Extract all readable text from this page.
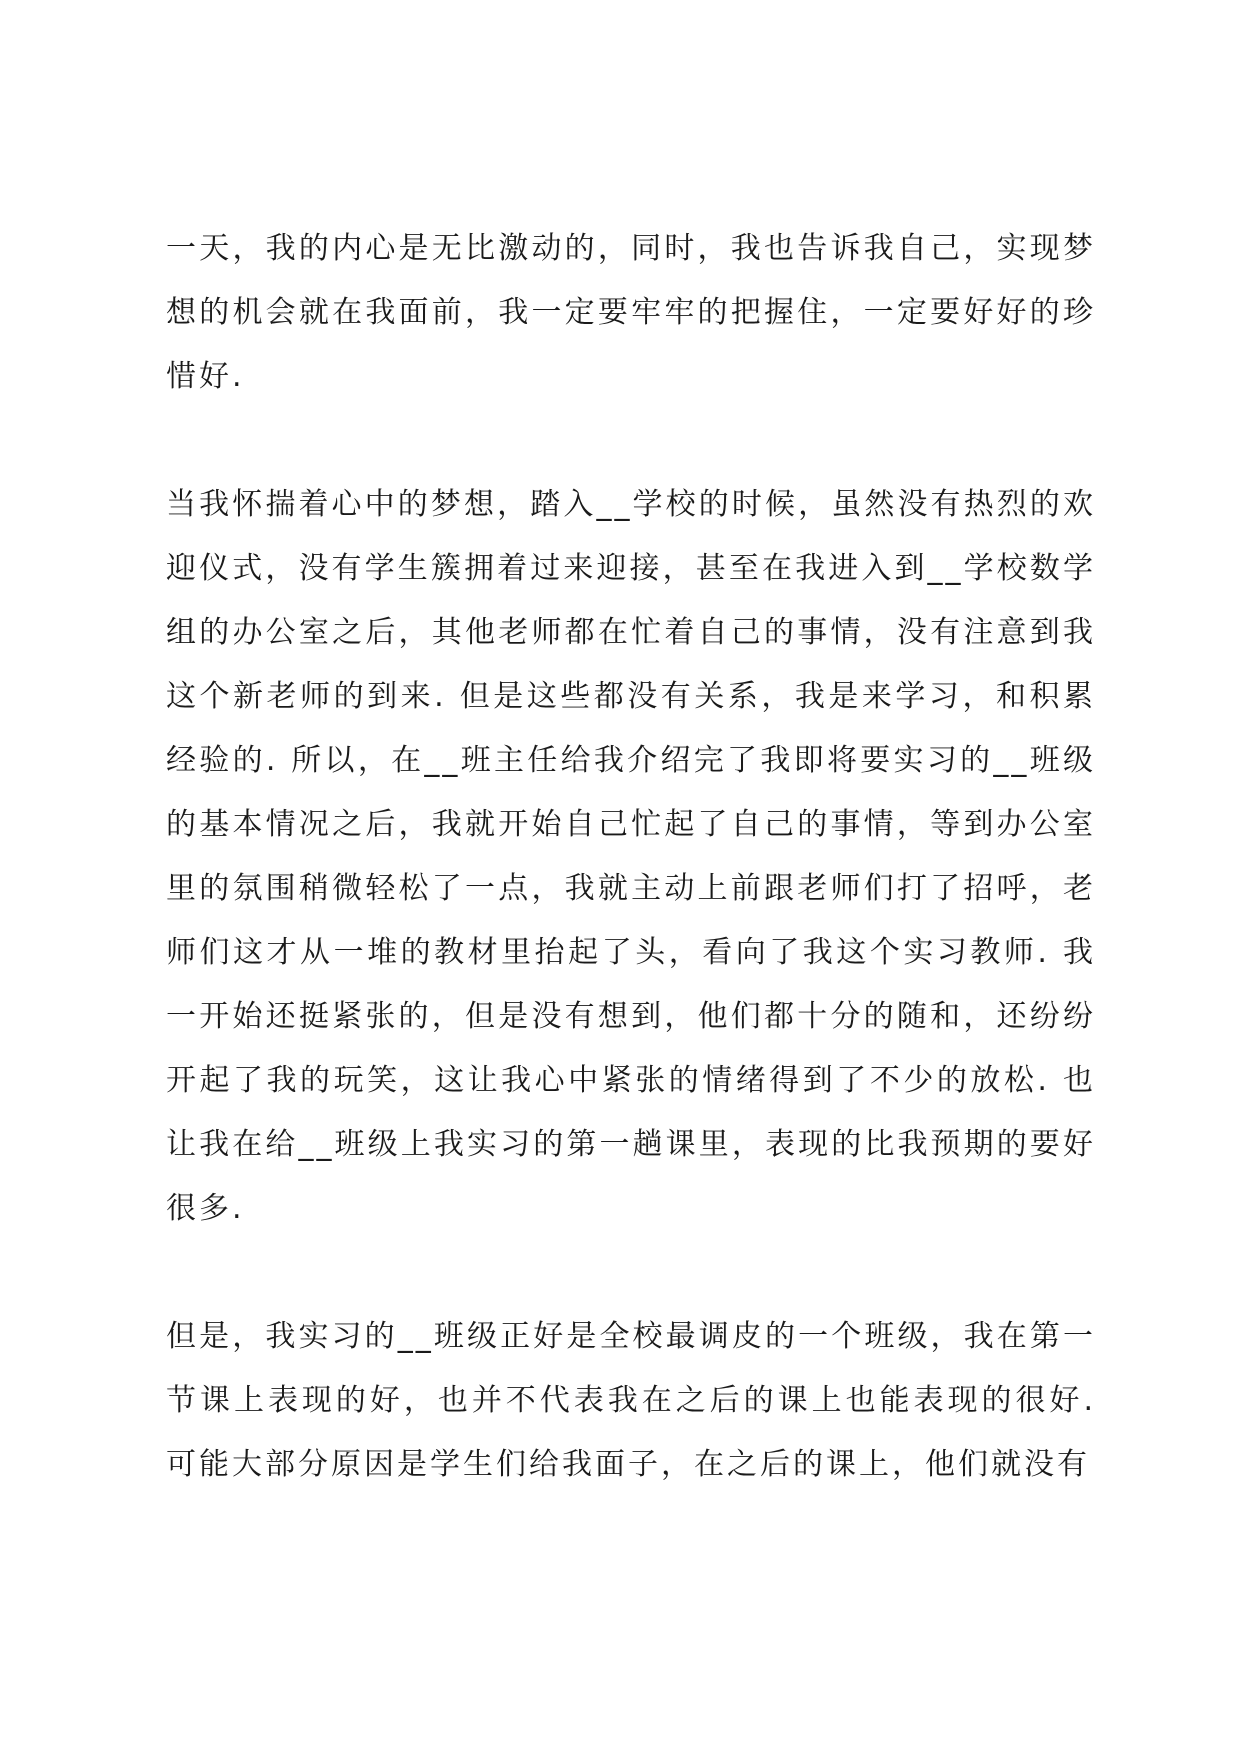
一天，我的内心是无比激动的，同时，我也告诉我自己，实现梦想的机会就在我面前，我一定要牢牢的把握住，一定要好好的珍惜好.

当我怀揣着心中的梦想，踏入__学校的时候，虽然没有热烈的欢迎仪式，没有学生簇拥着过来迎接，甚至在我进入到__学校数学组的办公室之后，其他老师都在忙着自己的事情，没有注意到我这个新老师的到来. 但是这些都没有关系，我是来学习，和积累经验的. 所以，在__班主任给我介绍完了我即将要实习的__班级的基本情况之后，我就开始自己忙起了自己的事情，等到办公室里的氛围稍微轻松了一点，我就主动上前跟老师们打了招呼，老师们这才从一堆的教材里抬起了头，看向了我这个实习教师. 我一开始还挺紧张的，但是没有想到，他们都十分的随和，还纷纷开起了我的玩笑，这让我心中紧张的情绪得到了不少的放松. 也让我在给__班级上我实习的第一趟课里，表现的比我预期的要好很多.

但是，我实习的__班级正好是全校最调皮的一个班级，我在第一节课上表现的好，也并不代表我在之后的课上也能表现的很好. 可能大部分原因是学生们给我面子，在之后的课上，他们就没有
